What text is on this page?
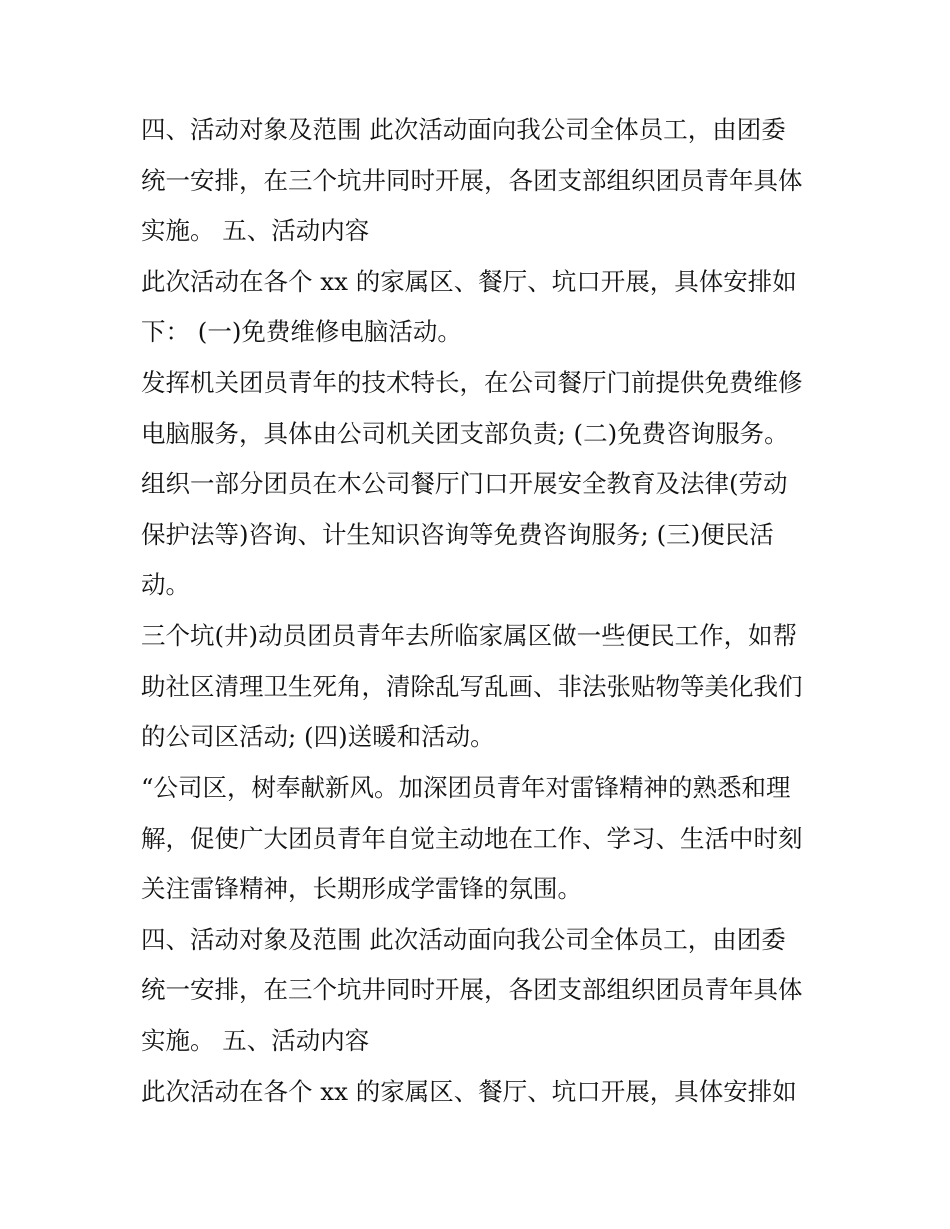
四、活动对象及范围 此次活动面向我公司全体员工，由团委
统一安排，在三个坑井同时开展，各团支部组织团员青年具体
实施。 五、活动内容
此次活动在各个 xx 的家属区、餐厅、坑口开展，具体安排如
下： (一)免费维修电脑活动。
发挥机关团员青年的技术特长，在公司餐厅门前提供免费维修
电脑服务，具体由公司机关团支部负责; (二)免费咨询服务。
组织一部分团员在木公司餐厅门口开展安全教育及法律(劳动
保护法等)咨询、计生知识咨询等免费咨询服务; (三)便民活
动。
三个坑(井)动员团员青年去所临家属区做一些便民工作，如帮
助社区清理卫生死角，清除乱写乱画、非法张贴物等美化我们
的公司区活动; (四)送暖和活动。
“公司区，树奉献新风。加深团员青年对雷锋精神的熟悉和理
解，促使广大团员青年自觉主动地在工作、学习、生活中时刻
关注雷锋精神，长期形成学雷锋的氛围。
四、活动对象及范围 此次活动面向我公司全体员工，由团委
统一安排，在三个坑井同时开展，各团支部组织团员青年具体
实施。 五、活动内容
此次活动在各个 xx 的家属区、餐厅、坑口开展，具体安排如
